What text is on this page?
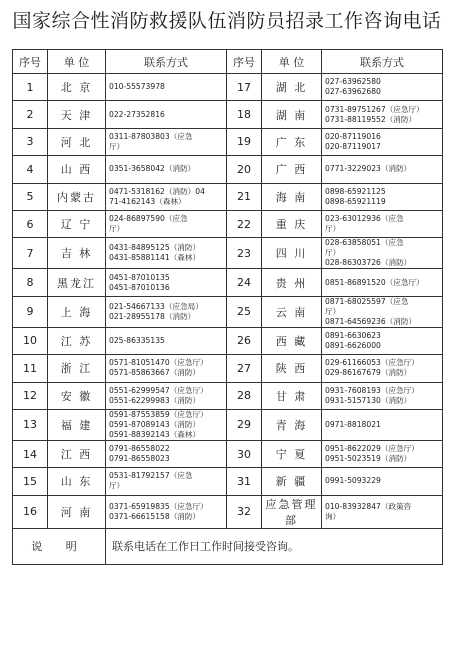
国家综合性消防救援队伍消防员招录工作咨询电话
序号	单 位	联系方式	序号	单 位	联系方式
1	北 京	010-55573978	17	湖 北	027-63962580
027-63962680

2	天 津	022-27352816	18	湖 南	0731-89751267（应急厅）
0731-88119552（消防）

3	河 北	0311-87803803（应急
厅）	19	广 东	020-87119016
020-87119017

4	山 西	0351-3658042（消防）	20	广 西	0771-3229023（消防）

5	内蒙古	0471-5318162（消防）04
71-4162143（森林）	21	海 南	0898-65921125
0898-65921119

6	辽 宁	024-86897590（应急
厅）	22	重 庆	023-63012936（应急
厅）

7	吉 林	0431-84895125（消防）
0431-85881141（森林）	23	四 川	028-63858051（应急
厅）
028-86303726（消防）

8	黑龙江	0451-87010135
0451-87010136	24	贵 州	0851-86891520（应急厅）

9	上 海	021-54667133（应急局）
021-28955178（消防）	25	云 南	0871-68025597（应急
厅）
0871-64569236（消防）

10	江 苏	025-86335135	26	西 藏	0891-6630623
0891-6626000

11	浙 江	0571-81051470（应急厅）
0571-85863667（消防）	27	陕 西	029-61166053（应急厅）
029-86167679（消防）

12	安 徽	0551-62999547（应急厅）
0551-62299983（消防）	28	甘 肃	0931-7608193（应急厅）
0931-5157130（消防）

13	福 建	0591-87553859（应急厅）
0591-87089143（消防）
0591-88392143（森林）	29	青 海	0971-8818021

14	江 西	0791-86558022
0791-86558023	30	宁 夏	0951-8622029（应急厅）
0951-5023519（消防）

15	山 东	0531-81792157（应急
厅）	31	新 疆	0991-5093229

16	河 南	0371-65919835（应急厅）
0371-66615158（消防）	32	应急管理部	010-83932847（政策咨
询）

说 明		联系电话在工作日工作时间接受咨询。			
